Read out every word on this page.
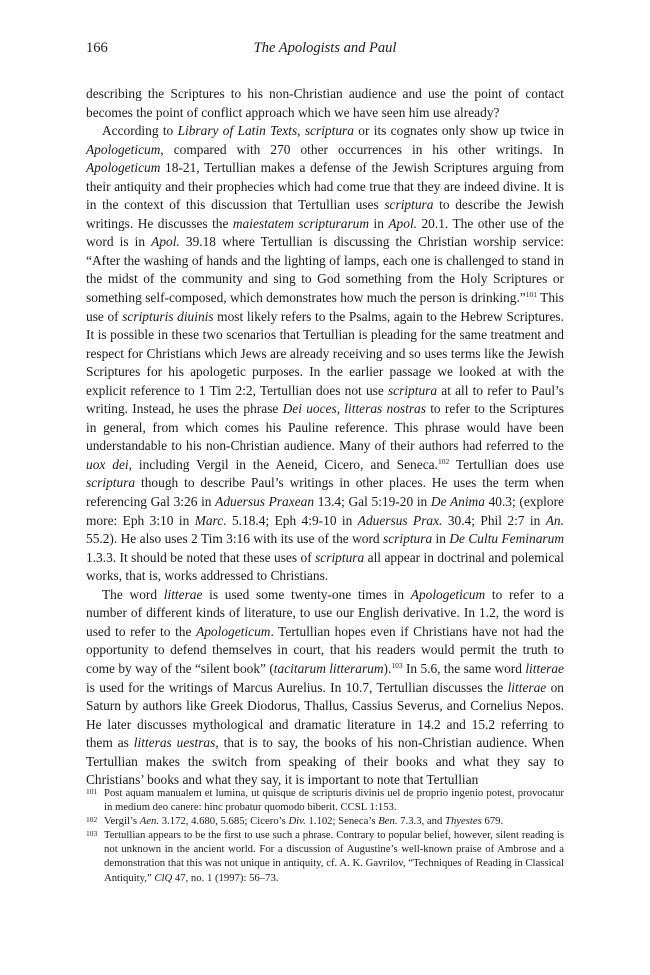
166	The Apologists and Paul

describing the Scriptures to his non-Christian audience and use the point of contact becomes the point of conflict approach which we have seen him use already?

According to Library of Latin Texts, scriptura or its cognates only show up twice in Apologeticum, compared with 270 other occurrences in his other writings. In Apologeticum 18-21, Tertullian makes a defense of the Jewish Scriptures arguing from their antiquity and their prophecies which had come true that they are indeed divine. It is in the context of this discussion that Tertullian uses scriptura to describe the Jewish writings. He discusses the maiestatem scripturarum in Apol. 20.1. The other use of the word is in Apol. 39.18 where Tertullian is discussing the Christian worship service: “After the washing of hands and the lighting of lamps, each one is challenged to stand in the midst of the community and sing to God something from the Holy Scriptures or something self-composed, which demonstrates how much the person is drinking.”$^{101}$ This use of scripturis diuinis most likely refers to the Psalms, again to the Hebrew Scriptures. It is possible in these two scenarios that Tertullian is pleading for the same treatment and respect for Christians which Jews are already receiving and so uses terms like the Jewish Scriptures for his apologetic purposes. In the earlier passage we looked at with the explicit reference to 1 Tim 2:2, Tertullian does not use scriptura at all to refer to Paul’s writing. Instead, he uses the phrase Dei uoces, litteras nostras to refer to the Scriptures in general, from which comes his Pauline reference. This phrase would have been understandable to his non-Christian audience. Many of their authors had referred to the uox dei, including Vergil in the Aeneid, Cicero, and Seneca.$^{102}$ Tertullian does use scriptura though to describe Paul’s writings in other places. He uses the term when referencing Gal 3:26 in Aduersus Praxean 13.4; Gal 5:19-20 in De Anima 40.3; (explore more: Eph 3:10 in Marc. 5.18.4; Eph 4:9-10 in Aduersus Prax. 30.4; Phil 2:7 in An. 55.2). He also uses 2 Tim 3:16 with its use of the word scriptura in De Cultu Feminarum 1.3.3. It should be noted that these uses of scriptura all appear in doctrinal and polemical works, that is, works addressed to Christians.

The word litterae is used some twenty-one times in Apologeticum to refer to a number of different kinds of literature, to use our English derivative. In 1.2, the word is used to refer to the Apologeticum. Tertullian hopes even if Christians have not had the opportunity to defend themselves in court, that his readers would permit the truth to come by way of the “silent book” (tacitarum litterarum).$^{103}$ In 5.6, the same word litterae is used for the writings of Marcus Aurelius. In 10.7, Tertullian discusses the litterae on Saturn by authors like Greek Diodorus, Thallus, Cassius Severus, and Cornelius Nepos. He later discusses mythological and dramatic literature in 14.2 and 15.2 referring to them as litteras uestras, that is to say, the books of his non-Christian audience. When Tertullian makes the switch from speaking of their books and what they say to Christians’ books and what they say, it is important to note that Tertullian

101 Post aquam manualem et lumina, ut quisque de scripturis divinis uel de proprio ingenio potest, provocatur in medium deo canere: hinc probatur quomodo biberit. CCSL 1:153.
102 Vergil’s Aen. 3.172, 4.680, 5.685; Cicero’s Div. 1.102; Seneca’s Ben. 7.3.3, and Thyestes 679.
103 Tertullian appears to be the first to use such a phrase. Contrary to popular belief, however, silent reading is not unknown in the ancient world. For a discussion of Augustine’s well-known praise of Ambrose and a demonstration that this was not unique in antiquity, cf. A. K. Gavrilov, “Techniques of Reading in Classical Antiquity,” ClQ 47, no. 1 (1997): 56–73.
